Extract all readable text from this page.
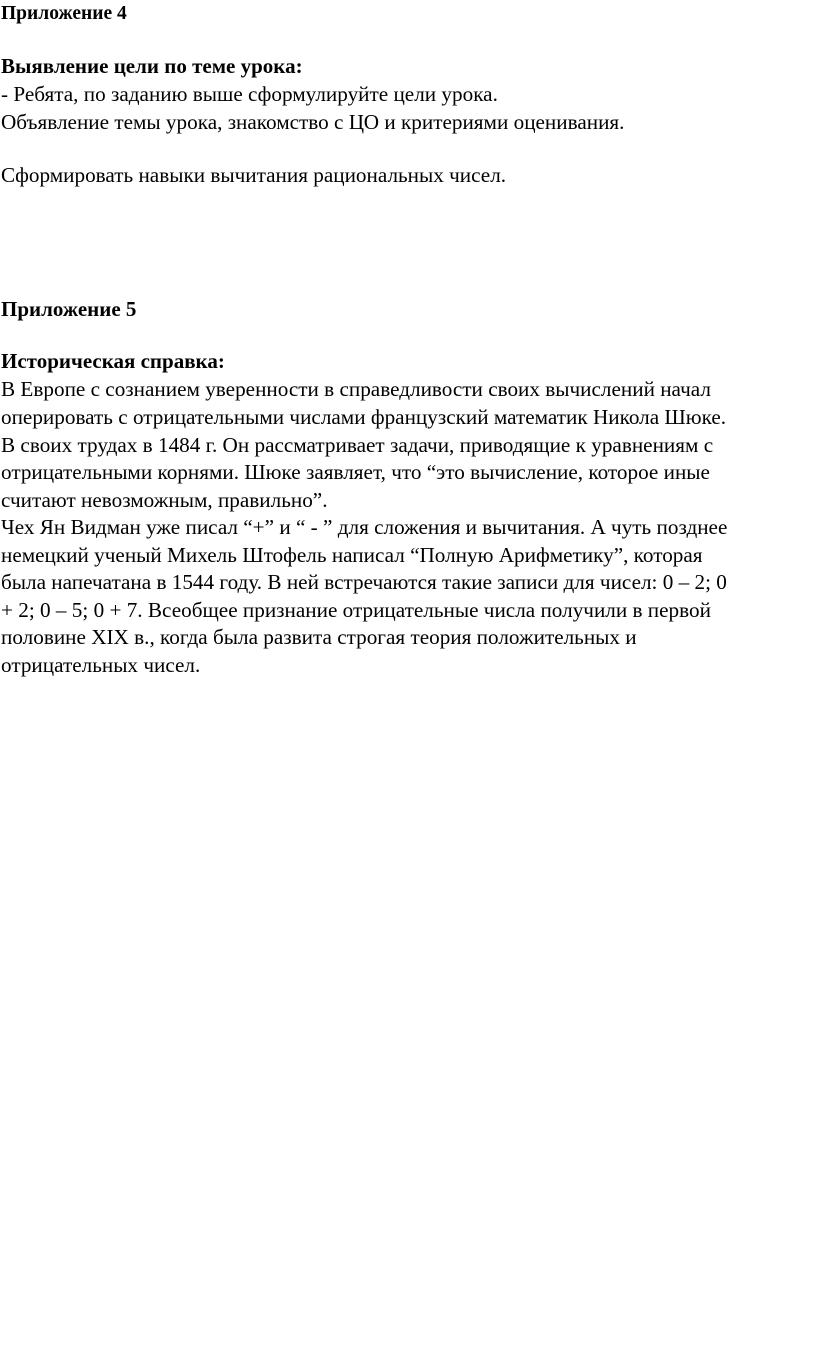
Приложение 4

Выявление цели по теме урока:

- Ребята, по заданию выше сформулируйте цели урока.

Объявление темы урока, знакомство с ЦО и критериями оценивания.

Сформировать навыки вычитания рациональных чисел.

Приложение 5

Историческая справка:

В Европе с сознанием уверенности в справедливости своих вычислений начал

оперировать с отрицательными числами французский математик Никола Шюке.

В своих трудах в 1484 г. Он рассматривает задачи, приводящие к уравнениям с

отрицательными корнями. Шюке заявляет, что “это вычисление, которое иные

считают невозможным, правильно”.

Чех Ян Видман уже писал “+” и “ - ” для сложения и вычитания. А чуть позднее

немецкий ученый Михель Штофель написал “Полную Арифметику”, которая

была напечатана в 1544 году. В ней встречаются такие записи для чисел: 0 – 2; 0

+ 2; 0 – 5; 0 + 7. Всеобщее признание отрицательные числа получили в первой

половине XIX в., когда была развита строгая теория положительных и

отрицательных чисел.
